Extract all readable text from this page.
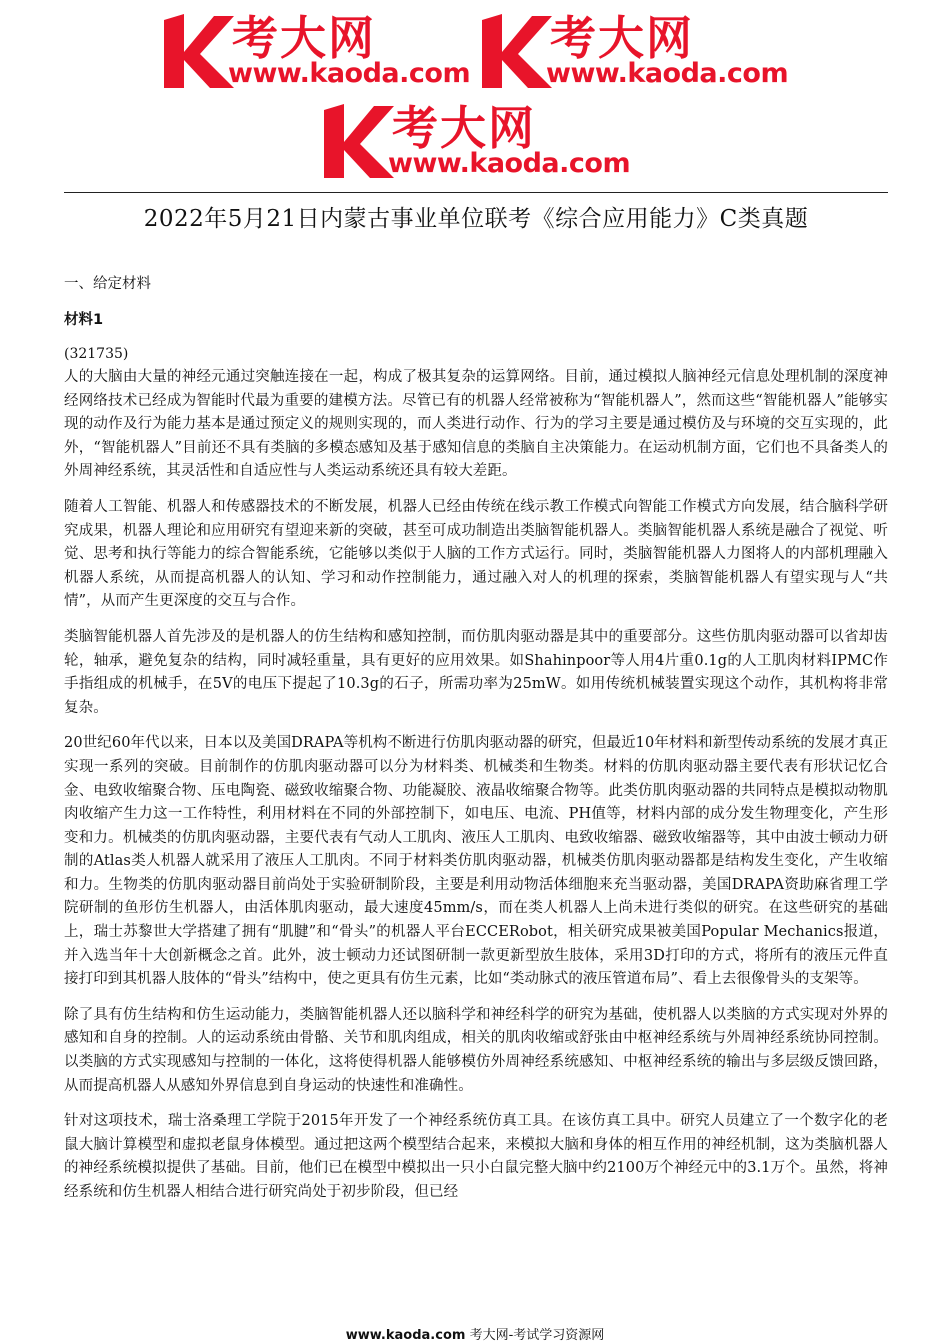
考大网
www.kaoda.com
考大网
www.kaoda.com
考大网
www.kaoda.com
2022年5月21日内蒙古事业单位联考《综合应用能力》C类真题

一、给定材料

材料1

(321735)

人的大脑由大量的神经元通过突触连接在一起，构成了极其复杂的运算网络。目前，通过模拟人脑神经元信息处理机制的深度神经网络技术已经成为智能时代最为重要的建模方法。尽管已有的机器人经常被称为“智能机器人”，然而这些“智能机器人”能够实现的动作及行为能力基本是通过预定义的规则实现的，而人类进行动作、行为的学习主要是通过模仿及与环境的交互实现的，此外，“智能机器人”目前还不具有类脑的多模态感知及基于感知信息的类脑自主决策能力。在运动机制方面，它们也不具备类人的外周神经系统，其灵活性和自适应性与人类运动系统还具有较大差距。

随着人工智能、机器人和传感器技术的不断发展，机器人已经由传统在线示教工作模式向智能工作模式方向发展，结合脑科学研究成果，机器人理论和应用研究有望迎来新的突破，甚至可成功制造出类脑智能机器人。类脑智能机器人系统是融合了视觉、听觉、思考和执行等能力的综合智能系统，它能够以类似于人脑的工作方式运行。同时，类脑智能机器人力图将人的内部机理融入机器人系统，从而提高机器人的认知、学习和动作控制能力，通过融入对人的机理的探索，类脑智能机器人有望实现与人“共情”，从而产生更深度的交互与合作。

类脑智能机器人首先涉及的是机器人的仿生结构和感知控制，而仿肌肉驱动器是其中的重要部分。这些仿肌肉驱动器可以省却齿轮，轴承，避免复杂的结构，同时减轻重量，具有更好的应用效果。如Shahinpoor等人用4片重0.1g的人工肌肉材料IPMC作手指组成的机械手，在5V的电压下提起了10.3g的石子，所需功率为25mW。如用传统机械装置实现这个动作，其机构将非常复杂。

20世纪60年代以来，日本以及美国DRAPA等机构不断进行仿肌肉驱动器的研究，但最近10年材料和新型传动系统的发展才真正实现一系列的突破。目前制作的仿肌肉驱动器可以分为材料类、机械类和生物类。材料的仿肌肉驱动器主要代表有形状记忆合金、电致收缩聚合物、压电陶瓷、磁致收缩聚合物、功能凝胶、液晶收缩聚合物等。此类仿肌肉驱动器的共同特点是模拟动物肌肉收缩产生力这一工作特性，利用材料在不同的外部控制下，如电压、电流、PH值等，材料内部的成分发生物理变化，产生形变和力。机械类的仿肌肉驱动器，主要代表有气动人工肌肉、液压人工肌肉、电致收缩器、磁致收缩器等，其中由波士顿动力研制的Atlas类人机器人就采用了液压人工肌肉。不同于材料类仿肌肉驱动器，机械类仿肌肉驱动器都是结构发生变化，产生收缩和力。生物类的仿肌肉驱动器目前尚处于实验研制阶段，主要是利用动物活体细胞来充当驱动器，美国DRAPA资助麻省理工学院研制的鱼形仿生机器人，由活体肌肉驱动，最大速度45mm/s，而在类人机器人上尚未进行类似的研究。在这些研究的基础上，瑞士苏黎世大学搭建了拥有“肌腱”和“骨头”的机器人平台ECCERobot，相关研究成果被美国Popular Mechanics报道，并入选当年十大创新概念之首。此外，波士顿动力还试图研制一款更新型放生肢体，采用3D打印的方式，将所有的液压元件直接打印到其机器人肢体的“骨头”结构中，使之更具有仿生元素，比如“类动脉式的液压管道布局”、看上去很像骨头的支架等。

除了具有仿生结构和仿生运动能力，类脑智能机器人还以脑科学和神经科学的研究为基础，使机器人以类脑的方式实现对外界的感知和自身的控制。人的运动系统由骨骼、关节和肌肉组成，相关的肌肉收缩或舒张由中枢神经系统与外周神经系统协同控制。以类脑的方式实现感知与控制的一体化，这将使得机器人能够模仿外周神经系统感知、中枢神经系统的输出与多层级反馈回路，从而提高机器人从感知外界信息到自身运动的快速性和准确性。

针对这项技术，瑞士洛桑理工学院于2015年开发了一个神经系统仿真工具。在该仿真工具中。研究人员建立了一个数字化的老鼠大脑计算模型和虚拟老鼠身体模型。通过把这两个模型结合起来，来模拟大脑和身体的相互作用的神经机制，这为类脑机器人的神经系统模拟提供了基础。目前，他们已在模型中模拟出一只小白鼠完整大脑中约2100万个神经元中的3.1万个。虽然，将神经系统和仿生机器人相结合进行研究尚处于初步阶段，但已经

www.kaoda.com 考大网-考试学习资源网
